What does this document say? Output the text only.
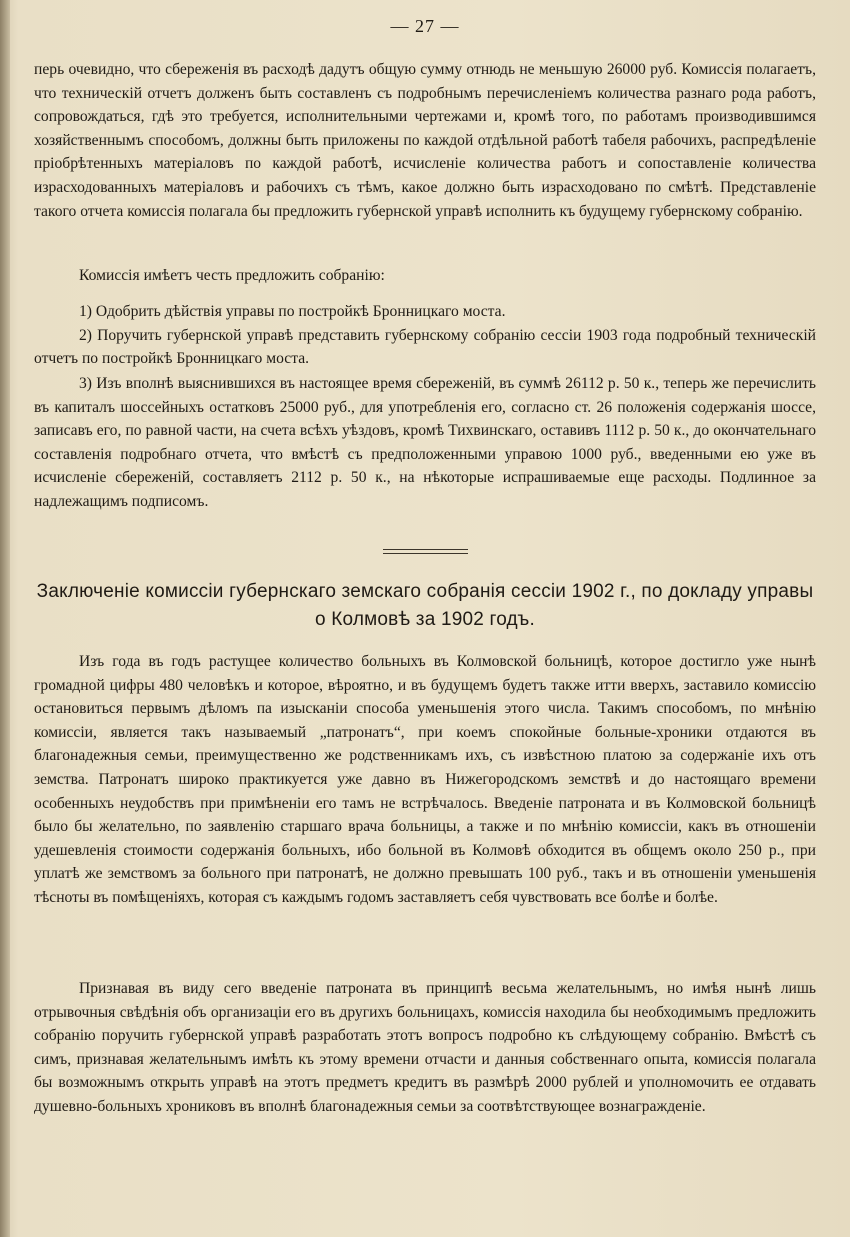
— 27 —

перь очевидно, что сбереженія въ расходѣ дадутъ общую сумму отнюдь не меньшую 26000 руб. Комиссія полагаетъ, что техническій отчетъ долженъ быть составленъ съ подробнымъ перечисленіемъ количества разнаго рода работъ, сопровождаться, гдѣ это требуется, исполнительными чертежами и, кромѣ того, по работамъ производившимся хозяйственнымъ способомъ, должны быть приложены по каждой отдѣльной работѣ табеля рабочихъ, распредѣленіе пріобрѣтенныхъ матеріаловъ по каждой работѣ, исчисленіе количества работъ и сопоставленіе количества израсходованныхъ матеріаловъ и рабочихъ съ тѣмъ, какое должно быть израсходовано по смѣтѣ. Представленіе такого отчета комиссія полагала бы предложить губернской управѣ исполнить къ будущему губернскому собранію.

Комиссія имѣетъ честь предложить собранію:

1) Одобрить дѣйствія управы по постройкѣ Бронницкаго моста.

2) Поручить губернской управѣ представить губернскому собранію сессіи 1903 года подробный техническій отчетъ по постройкѣ Бронницкаго моста.

3) Изъ вполнѣ выяснившихся въ настоящее время сбереженій, въ суммѣ 26112 р. 50 к., теперь же перечислить въ капиталъ шоссейныхъ остатковъ 25000 руб., для употребленія его, согласно ст. 26 положенія содержанія шоссе, записавъ его, по равной части, на счета всѣхъ уѣздовъ, кромѣ Тихвинскаго, оставивъ 1112 р. 50 к., до окончательнаго составленія подробнаго отчета, что вмѣстѣ съ предположенными управою 1000 руб., введенными ею уже въ исчисленіе сбереженій, составляетъ 2112 р. 50 к., на нѣкоторые испрашиваемые еще расходы. Подлинное за надлежащимъ подписомъ.

Заключеніе комиссіи губернскаго земскаго собранія сессіи 1902 г., по докладу управы о Колмовѣ за 1902 годъ.

Изъ года въ годъ растущее количество больныхъ въ Колмовской больницѣ, которое достигло уже нынѣ громадной цифры 480 человѣкъ и которое, вѣроятно, и въ будущемъ будетъ также итти вверхъ, заставило комиссію остановиться первымъ дѣломъ па изысканіи способа уменьшенія этого числа. Такимъ способомъ, по мнѣнію комиссіи, является такъ называемый „патронатъ“, при коемъ спокойные больные-хроники отдаются въ благонадежныя семьи, преимущественно же родственникамъ ихъ, съ извѣстною платою за содержаніе ихъ отъ земства. Патронатъ широко практикуется уже давно въ Нижегородскомъ земствѣ и до настоящаго времени особенныхъ неудобствъ при примѣненіи его тамъ не встрѣчалось. Введеніе патроната и въ Колмовской больницѣ было бы желательно, по заявленію старшаго врача больницы, а также и по мнѣнію комиссіи, какъ въ отношеніи удешевленія стоимости содержанія больныхъ, ибо больной въ Колмовѣ обходится въ общемъ около 250 р., при уплатѣ же земствомъ за больного при патронатѣ, не должно превышать 100 руб., такъ и въ отношеніи уменьшенія тѣсноты въ помѣщеніяхъ, которая съ каждымъ годомъ заставляетъ себя чувствовать все болѣе и болѣе.

Признавая въ виду сего введеніе патроната въ принципѣ весьма желательнымъ, но имѣя нынѣ лишь отрывочныя свѣдѣнія объ организаціи его въ другихъ больницахъ, комиссія находила бы необходимымъ предложить собранію поручить губернской управѣ разработать этотъ вопросъ подробно къ слѣдующему собранію. Вмѣстѣ съ симъ, признавая желательнымъ имѣть къ этому времени отчасти и данныя собственнаго опыта, комиссія полагала бы возможнымъ открыть управѣ на этотъ предметъ кредитъ въ размѣрѣ 2000 рублей и уполномочить ее отдавать душевно-больныхъ хрониковъ въ вполнѣ благонадежныя семьи за соотвѣтствующее вознагражденіе.
